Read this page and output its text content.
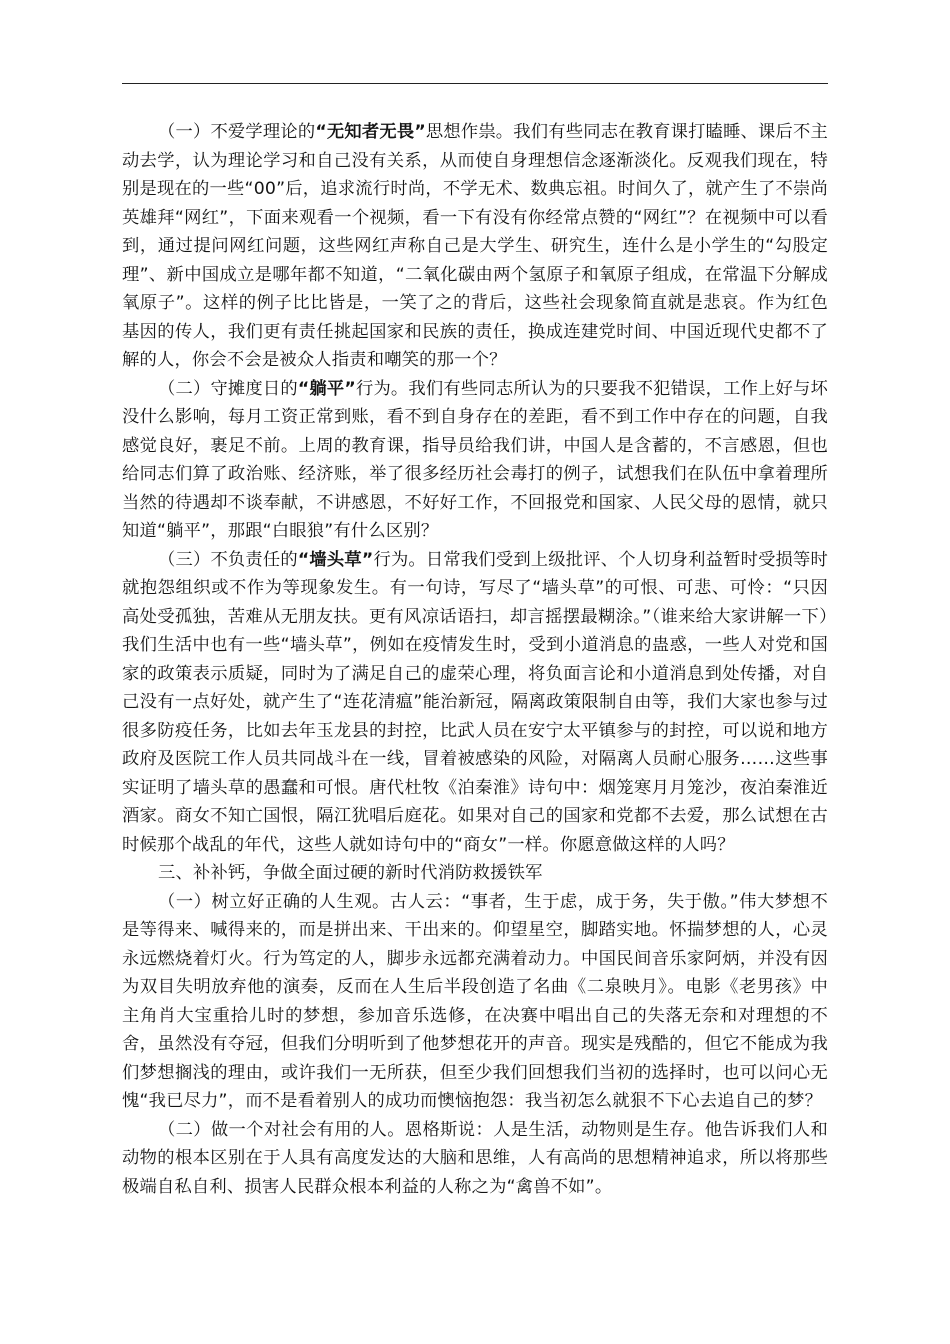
（一）不爱学理论的“无知者无畏”思想作祟。我们有些同志在教育课打瞌睡、课后不主动去学，认为理论学习和自己没有关系，从而使自身理想信念逐渐淡化。反观我们现在，特别是现在的一些“00”后，追求流行时尚，不学无术、数典忘祖。时间久了，就产生了不崇尚英雄拜“网红”，下面来观看一个视频，看一下有没有你经常点赞的“网红”？在视频中可以看到，通过提问网红问题，这些网红声称自己是大学生、研究生，连什么是小学生的“勾股定理”、新中国成立是哪年都不知道，“二氧化碳由两个氢原子和氧原子组成，在常温下分解成氧原子”。这样的例子比比皆是，一笑了之的背后，这些社会现象简直就是悲哀。作为红色基因的传人，我们更有责任挑起国家和民族的责任，换成连建党时间、中国近现代史都不了解的人，你会不会是被众人指责和嘲笑的那一个？

（二）守摊度日的“躺平”行为。我们有些同志所认为的只要我不犯错误，工作上好与坏没什么影响，每月工资正常到账，看不到自身存在的差距，看不到工作中存在的问题，自我感觉良好，裹足不前。上周的教育课，指导员给我们讲，中国人是含蓄的，不言感恩，但也给同志们算了政治账、经济账，举了很多经历社会毒打的例子，试想我们在队伍中拿着理所当然的待遇却不谈奉献，不讲感恩，不好好工作，不回报党和国家、人民父母的恩情，就只知道“躺平”，那跟“白眼狼”有什么区别？

（三）不负责任的“墙头草”行为。日常我们受到上级批评、个人切身利益暂时受损等时就抱怨组织或不作为等现象发生。有一句诗，写尽了“墙头草”的可恨、可悲、可怜：“只因高处受孤独，苦难从无朋友扶。更有风凉话语扫，却言摇摆最糊涂。”（谁来给大家讲解一下）我们生活中也有一些“墙头草”，例如在疫情发生时，受到小道消息的蛊惑，一些人对党和国家的政策表示质疑，同时为了满足自己的虚荣心理，将负面言论和小道消息到处传播，对自己没有一点好处，就产生了“连花清瘟”能治新冠，隔离政策限制自由等，我们大家也参与过很多防疫任务，比如去年玉龙县的封控，比武人员在安宁太平镇参与的封控，可以说和地方政府及医院工作人员共同战斗在一线，冒着被感染的风险，对隔离人员耐心服务……这些事实证明了墙头草的愚蠢和可恨。唐代杜牧《泊秦淮》诗句中：烟笼寒月月笼沙，夜泊秦淮近酒家。商女不知亡国恨，隔江犹唱后庭花。如果对自己的国家和党都不去爱，那么试想在古时候那个战乱的年代，这些人就如诗句中的“商女”一样。你愿意做这样的人吗？

三、补补钙，争做全面过硬的新时代消防救援铁军

（一）树立好正确的人生观。古人云：“事者，生于虑，成于务，失于傲。”伟大梦想不是等得来、喊得来的，而是拼出来、干出来的。仰望星空，脚踏实地。怀揣梦想的人，心灵永远燃烧着灯火。行为笃定的人，脚步永远都充满着动力。中国民间音乐家阿炳，并没有因为双目失明放弃他的演奏，反而在人生后半段创造了名曲《二泉映月》。电影《老男孩》中主角肖大宝重拾儿时的梦想，参加音乐选修，在决赛中唱出自己的失落无奈和对理想的不舍，虽然没有夺冠，但我们分明听到了他梦想花开的声音。现实是残酷的，但它不能成为我们梦想搁浅的理由，或许我们一无所获，但至少我们回想我们当初的选择时，也可以问心无愧“我已尽力”，而不是看着别人的成功而懊恼抱怨：我当初怎么就狠不下心去追自己的梦？

（二）做一个对社会有用的人。恩格斯说：人是生活，动物则是生存。他告诉我们人和动物的根本区别在于人具有高度发达的大脑和思维，人有高尚的思想精神追求，所以将那些极端自私自利、损害人民群众根本利益的人称之为“禽兽不如”。
